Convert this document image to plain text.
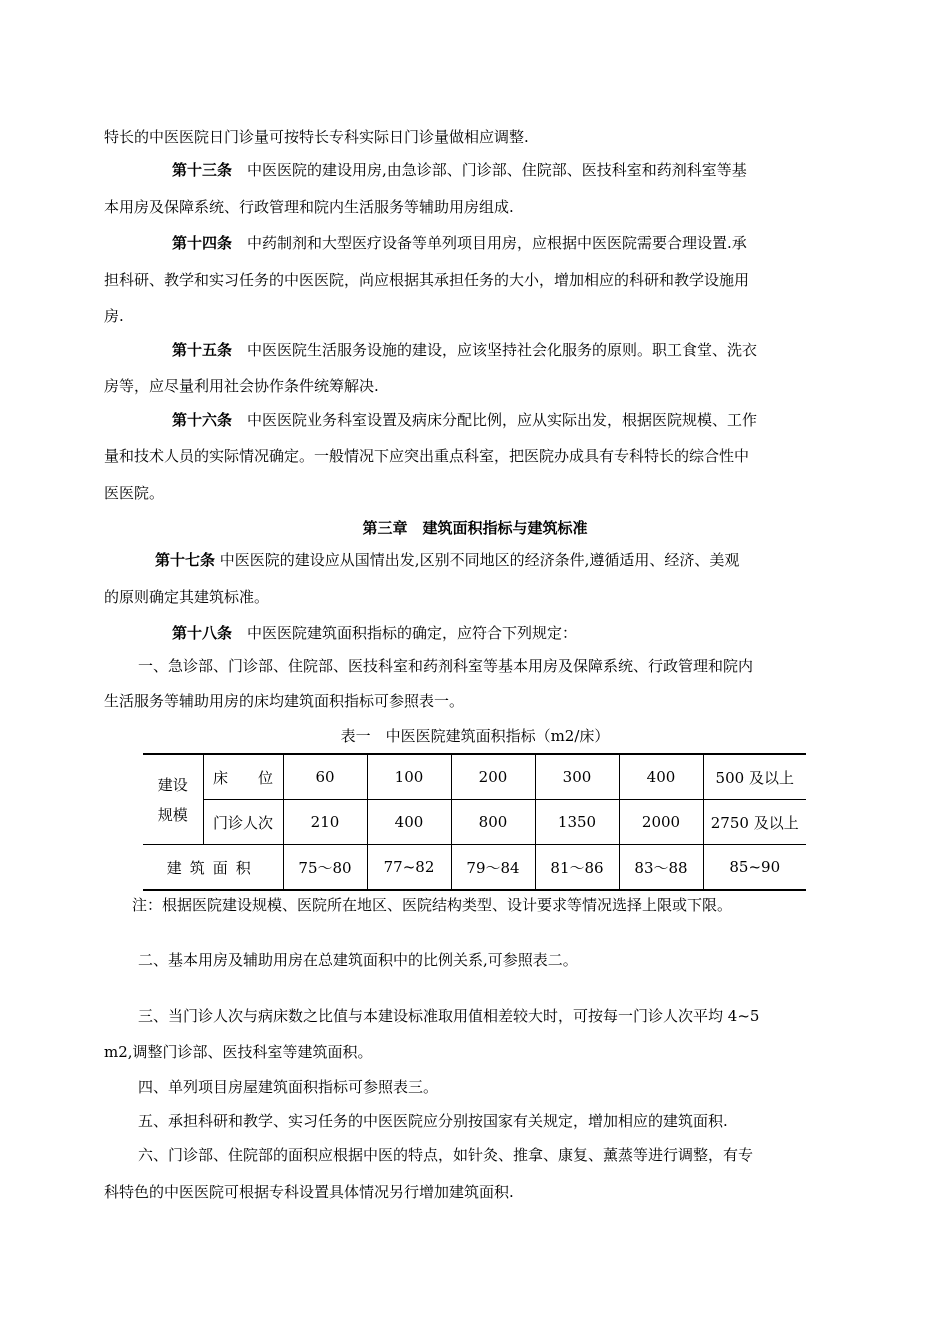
特长的中医医院日门诊量可按特长专科实际日门诊量做相应调整.
第十三条　 中医医院的建设用房,由急诊部、门诊部、住院部、医技科室和药剂科室等基
本用房及保障系统、行政管理和院内生活服务等辅助用房组成.
第十四条　 中药制剂和大型医疗设备等单列项目用房，应根据中医医院需要合理设置.承
担科研、教学和实习任务的中医医院，尚应根据其承担任务的大小，增加相应的科研和教学设施用
房.
第十五条　 中医医院生活服务设施的建设，应该坚持社会化服务的原则。职工食堂、洗衣
房等，应尽量利用社会协作条件统筹解决.
第十六条　 中医医院业务科室设置及病床分配比例，应从实际出发，根据医院规模、工作
量和技术人员的实际情况确定。一般情况下应突出重点科室，把医院办成具有专科特长的综合性中
医医院。
第三章　建筑面积指标与建筑标准
第十七条 中医医院的建设应从国情出发,区别不同地区的经济条件,遵循适用、经济、美观
的原则确定其建筑标准。
第十八条　 中医医院建筑面积指标的确定，应符合下列规定：
一、急诊部、门诊部、住院部、医技科室和药剂科室等基本用房及保障系统、行政管理和院内
生活服务等辅助用房的床均建筑面积指标可参照表一。
表一　中医医院建筑面积指标（m2/床）
建设
规模	床　　位	60	100	200	300	400	500 及以上
	门诊人次	210	400	800	1350	2000	2750 及以上
建筑面积		75～80	77~82	79～84	81～86	83～88	85~90
注：根据医院建设规模、医院所在地区、医院结构类型、设计要求等情况选择上限或下限。
二、基本用房及辅助用房在总建筑面积中的比例关系,可参照表二。
三、当门诊人次与病床数之比值与本建设标准取用值相差较大时，可按每一门诊人次平均 4~5
m2,调整门诊部、医技科室等建筑面积。
四、单列项目房屋建筑面积指标可参照表三。
五、承担科研和教学、实习任务的中医医院应分别按国家有关规定，增加相应的建筑面积.
六、门诊部、住院部的面积应根据中医的特点，如针灸、推拿、康复、薰蒸等进行调整，有专
科特色的中医医院可根据专科设置具体情况另行增加建筑面积.
